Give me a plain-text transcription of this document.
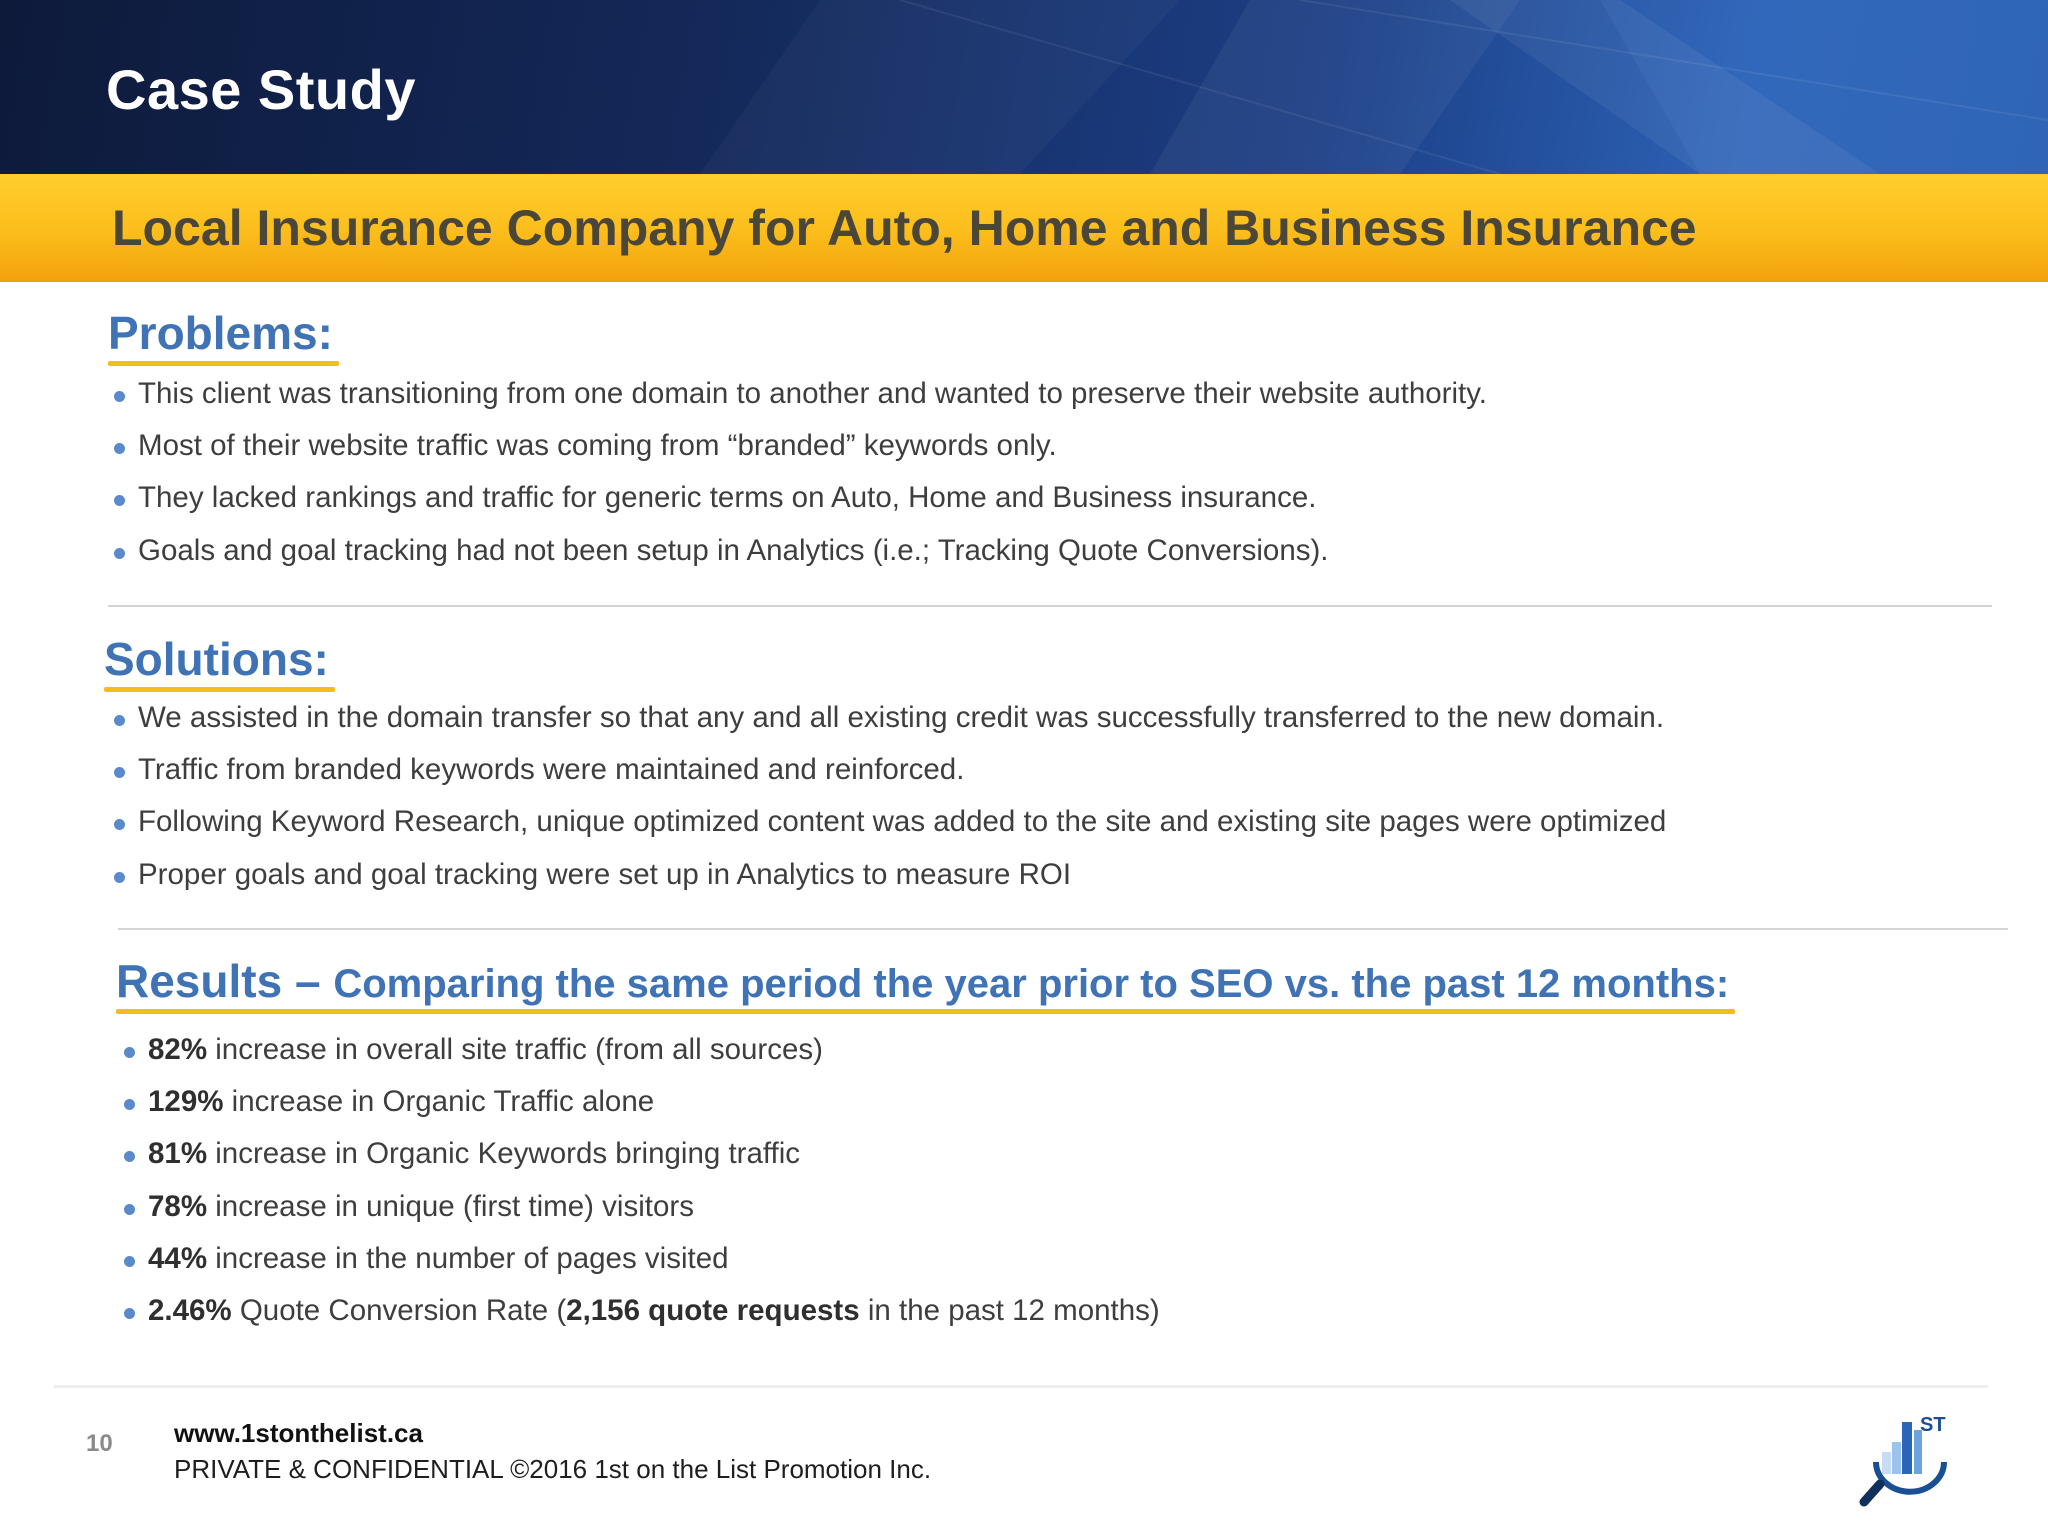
Case Study
Local Insurance Company for Auto, Home and Business Insurance
Problems:
This client was transitioning from one domain to another and wanted to preserve their website authority.
Most of their website traffic was coming from “branded” keywords only.
They lacked rankings and traffic for generic terms on Auto, Home and Business insurance.
Goals and goal tracking had not been setup in Analytics (i.e.; Tracking Quote Conversions).
Solutions:
We assisted in the domain transfer so that any and all existing credit was successfully transferred to the new domain.
Traffic from branded keywords were maintained and reinforced.
Following Keyword Research, unique optimized content was added to the site and existing site pages were optimized
Proper goals and goal tracking were set up in Analytics to measure ROI
Results – Comparing the same period the year prior to SEO vs. the past 12 months:
82% increase in overall site traffic (from all sources)
129% increase in Organic Traffic alone
81% increase in Organic Keywords bringing traffic
78% increase in unique (first time) visitors
44% increase in the number of pages visited
2.46% Quote Conversion Rate (2,156 quote requests in the past 12 months)
10 www.1stonthelist.ca
PRIVATE & CONFIDENTIAL ©2016 1st on the List Promotion Inc.
ST
